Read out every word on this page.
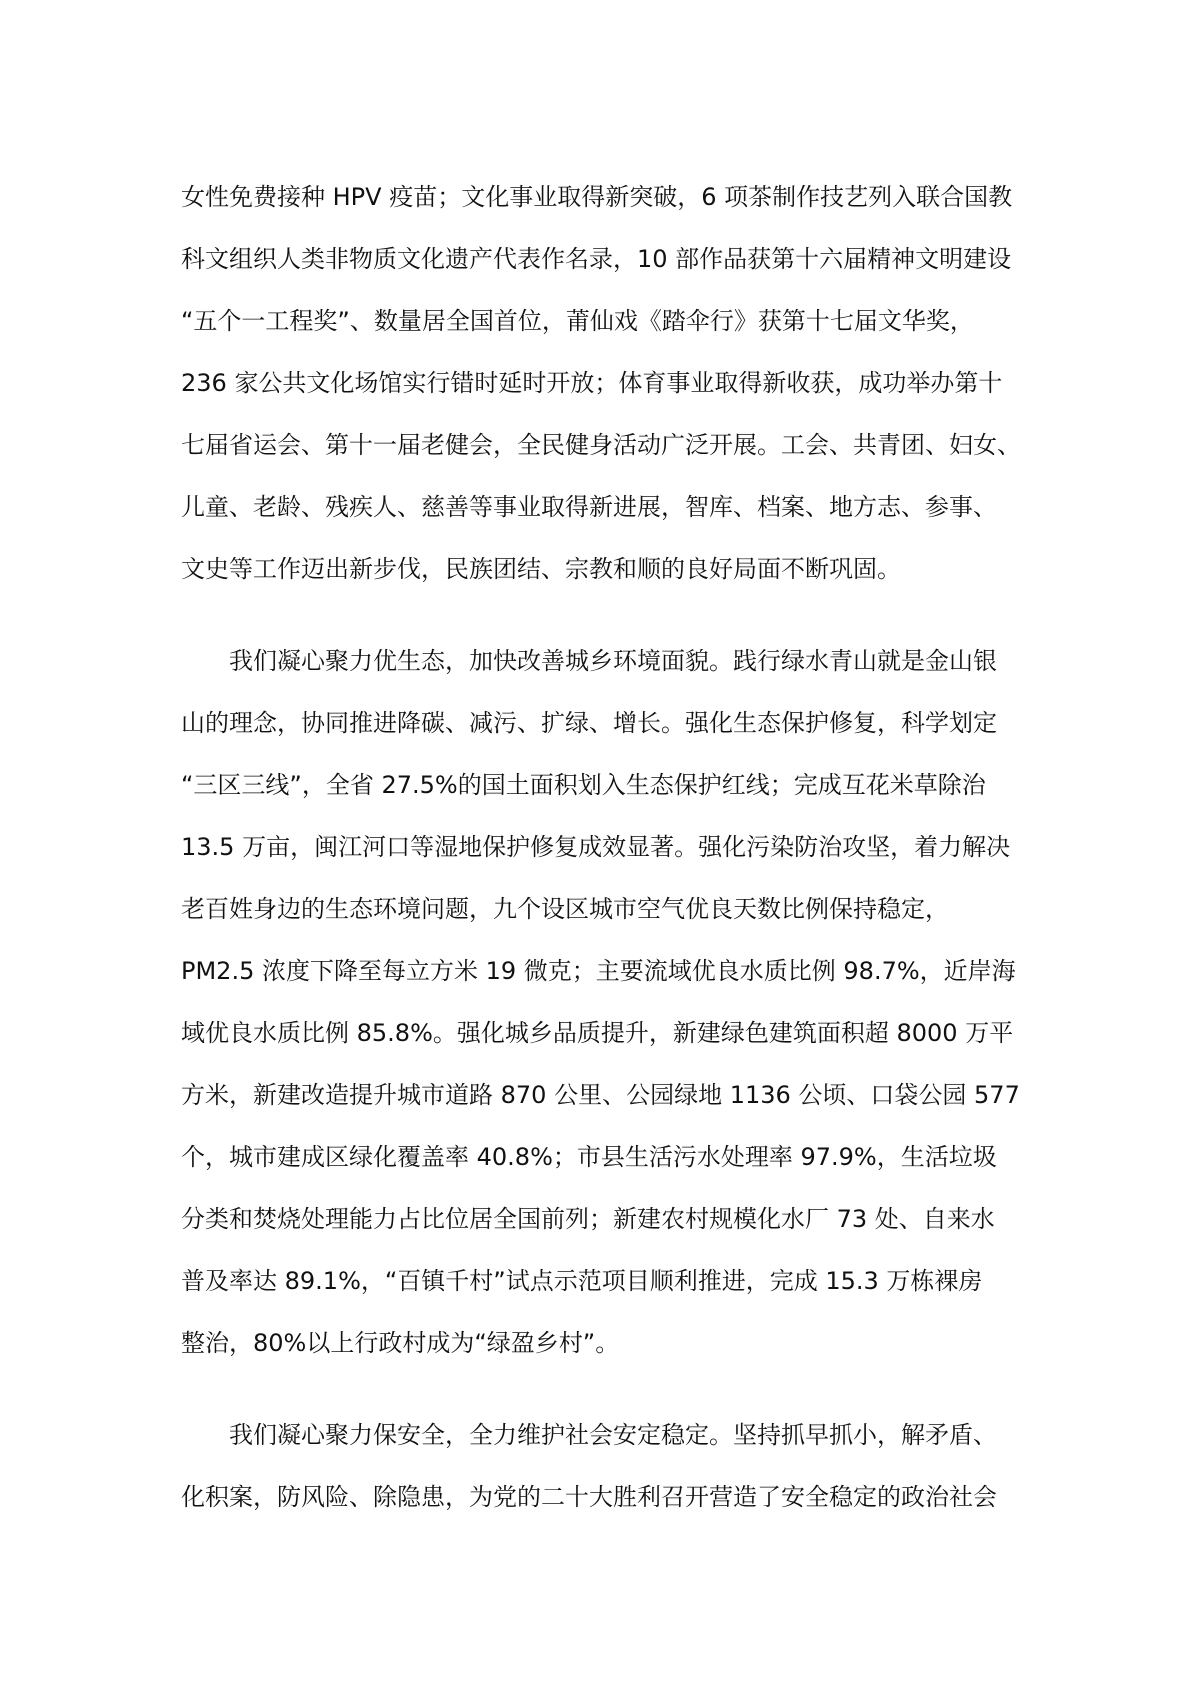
女性免费接种 HPV 疫苗；文化事业取得新突破，6 项茶制作技艺列入联合国教
科文组织人类非物质文化遗产代表作名录，10 部作品获第十六届精神文明建设
“五个一工程奖”、数量居全国首位，莆仙戏《踏伞行》获第十七届文华奖，
236 家公共文化场馆实行错时延时开放；体育事业取得新收获，成功举办第十
七届省运会、第十一届老健会，全民健身活动广泛开展。工会、共青团、妇女、
儿童、老龄、残疾人、慈善等事业取得新进展，智库、档案、地方志、参事、
文史等工作迈出新步伐，民族团结、宗教和顺的良好局面不断巩固。
我们凝心聚力优生态，加快改善城乡环境面貌。践行绿水青山就是金山银
山的理念，协同推进降碳、减污、扩绿、增长。强化生态保护修复，科学划定
“三区三线”，全省 27.5%的国土面积划入生态保护红线；完成互花米草除治
13.5 万亩，闽江河口等湿地保护修复成效显著。强化污染防治攻坚，着力解决
老百姓身边的生态环境问题，九个设区城市空气优良天数比例保持稳定，
PM2.5 浓度下降至每立方米 19 微克；主要流域优良水质比例 98.7%，近岸海
域优良水质比例 85.8%。强化城乡品质提升，新建绿色建筑面积超 8000 万平
方米，新建改造提升城市道路 870 公里、公园绿地 1136 公顷、口袋公园 577
个，城市建成区绿化覆盖率 40.8%；市县生活污水处理率 97.9%，生活垃圾
分类和焚烧处理能力占比位居全国前列；新建农村规模化水厂 73 处、自来水
普及率达 89.1%，“百镇千村”试点示范项目顺利推进，完成 15.3 万栋裸房
整治，80%以上行政村成为“绿盈乡村”。
我们凝心聚力保安全，全力维护社会安定稳定。坚持抓早抓小，解矛盾、
化积案，防风险、除隐患，为党的二十大胜利召开营造了安全稳定的政治社会
